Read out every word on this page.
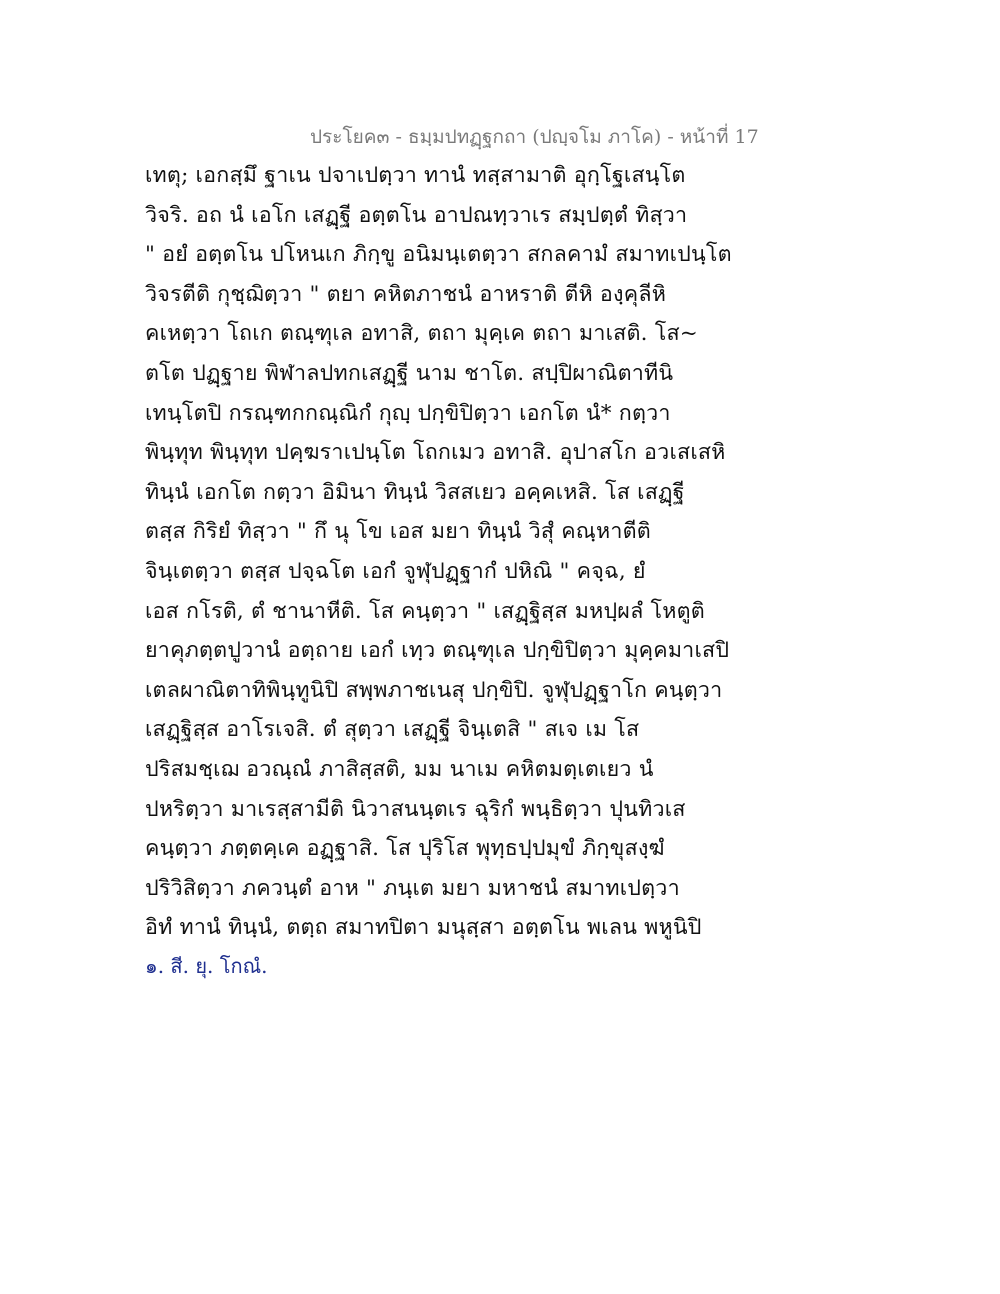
ประโยค๓ - ธมฺมปทฏฺฐกถา (ปญฺจโม ภาโค) - หน้าที่ 17
เทตุ; เอกสฺมึ ฐาเน ปจาเปตฺวา ทานํ ทสฺสามาติ อุกฺโฐเสนฺโต
วิจริ. อถ นํ เอโก เสฏฺฐี อตฺตโน อาปณทฺวาเร สมฺปตฺตํ ทิสฺวา
" อยํ อตฺตโน ปโหนเก ภิกฺขู อนิมนฺเตตฺวา สกลคามํ สมาทเปนฺโต
วิจรตีติ กุชฺฌิตฺวา " ตยา คหิตภาชนํ อาหราติ ตีหิ องฺคุลีหิ
คเหตฺวา โถเก ตณฺฑุเล อทาสิ, ตถา มุคฺเค ตถา มาเสติ. โส~
ตโต ปฏฺฐาย พิฬาลปทกเสฏฺฐี นาม ชาโต. สปฺปิผาณิตาทีนิ
เทนฺโตปิ กรณฺฑกกณฺณิกํ กุญฺ ปกฺขิปิตฺวา เอกโต นํ* กตฺวา
พินฺทุท พินฺทุท ปคฺฆราเปนฺโต โถกเมว อทาสิ. อุปาสโก อวเสเสหิ
ทินฺนํ เอกโต กตฺวา อิมินา ทินฺนํ วิสสเยว อคฺคเหสิ. โส เสฏฺฐี
ตสฺส กิริยํ ทิสฺวา " กึ นุ โข เอส มยา ทินฺนํ วิสุํ คณฺหาตีติ
จินฺเตตฺวา ตสฺส ปจฺฉโต เอกํ จูฬุปฏฺฐากํ ปหิณิ " คจฺฉ, ยํ
เอส กโรติ, ตํ ชานาหีติ. โส คนฺตฺวา " เสฏฺฐิสฺส มหปฺผลํ โหตูติ
ยาคุภตฺตปูวานํ อตฺถาย เอกํ เทฺว ตณฺฑุเล ปกฺขิปิตฺวา มุคฺคมาเสปิ
เตลผาณิตาทิพินฺทูนิปิ สพฺพภาชเนสุ ปกฺขิปิ. จูฬุปฏฺฐาโก คนฺตฺวา
เสฏฺฐิสฺส อาโรเจสิ. ตํ สุตฺวา เสฏฺฐี จินฺเตสิ " สเจ เม โส
ปริสมชฺเฌ อวณฺณํ ภาสิสฺสติ, มม นาเม คหิตมตฺเตเยว นํ
ปหริตฺวา มาเรสฺสามีติ นิวาสนนฺตเร ฉุริกํ พนฺธิตฺวา ปุนทิวเส
คนฺตฺวา ภตฺตคฺเค อฏฺฐาสิ. โส ปุริโส พุทฺธปฺปมุขํ ภิกฺขุสงฺฆํ
ปริวิสิตฺวา ภควนฺตํ อาห " ภนฺเต มยา มหาชนํ สมาทเปตฺวา
อิทํ ทานํ ทินฺนํ, ตตฺถ สมาทปิตา มนุสฺสา อตฺตโน พเลน พหูนิปิ
๑. สี. ยุ. โกณํ.
